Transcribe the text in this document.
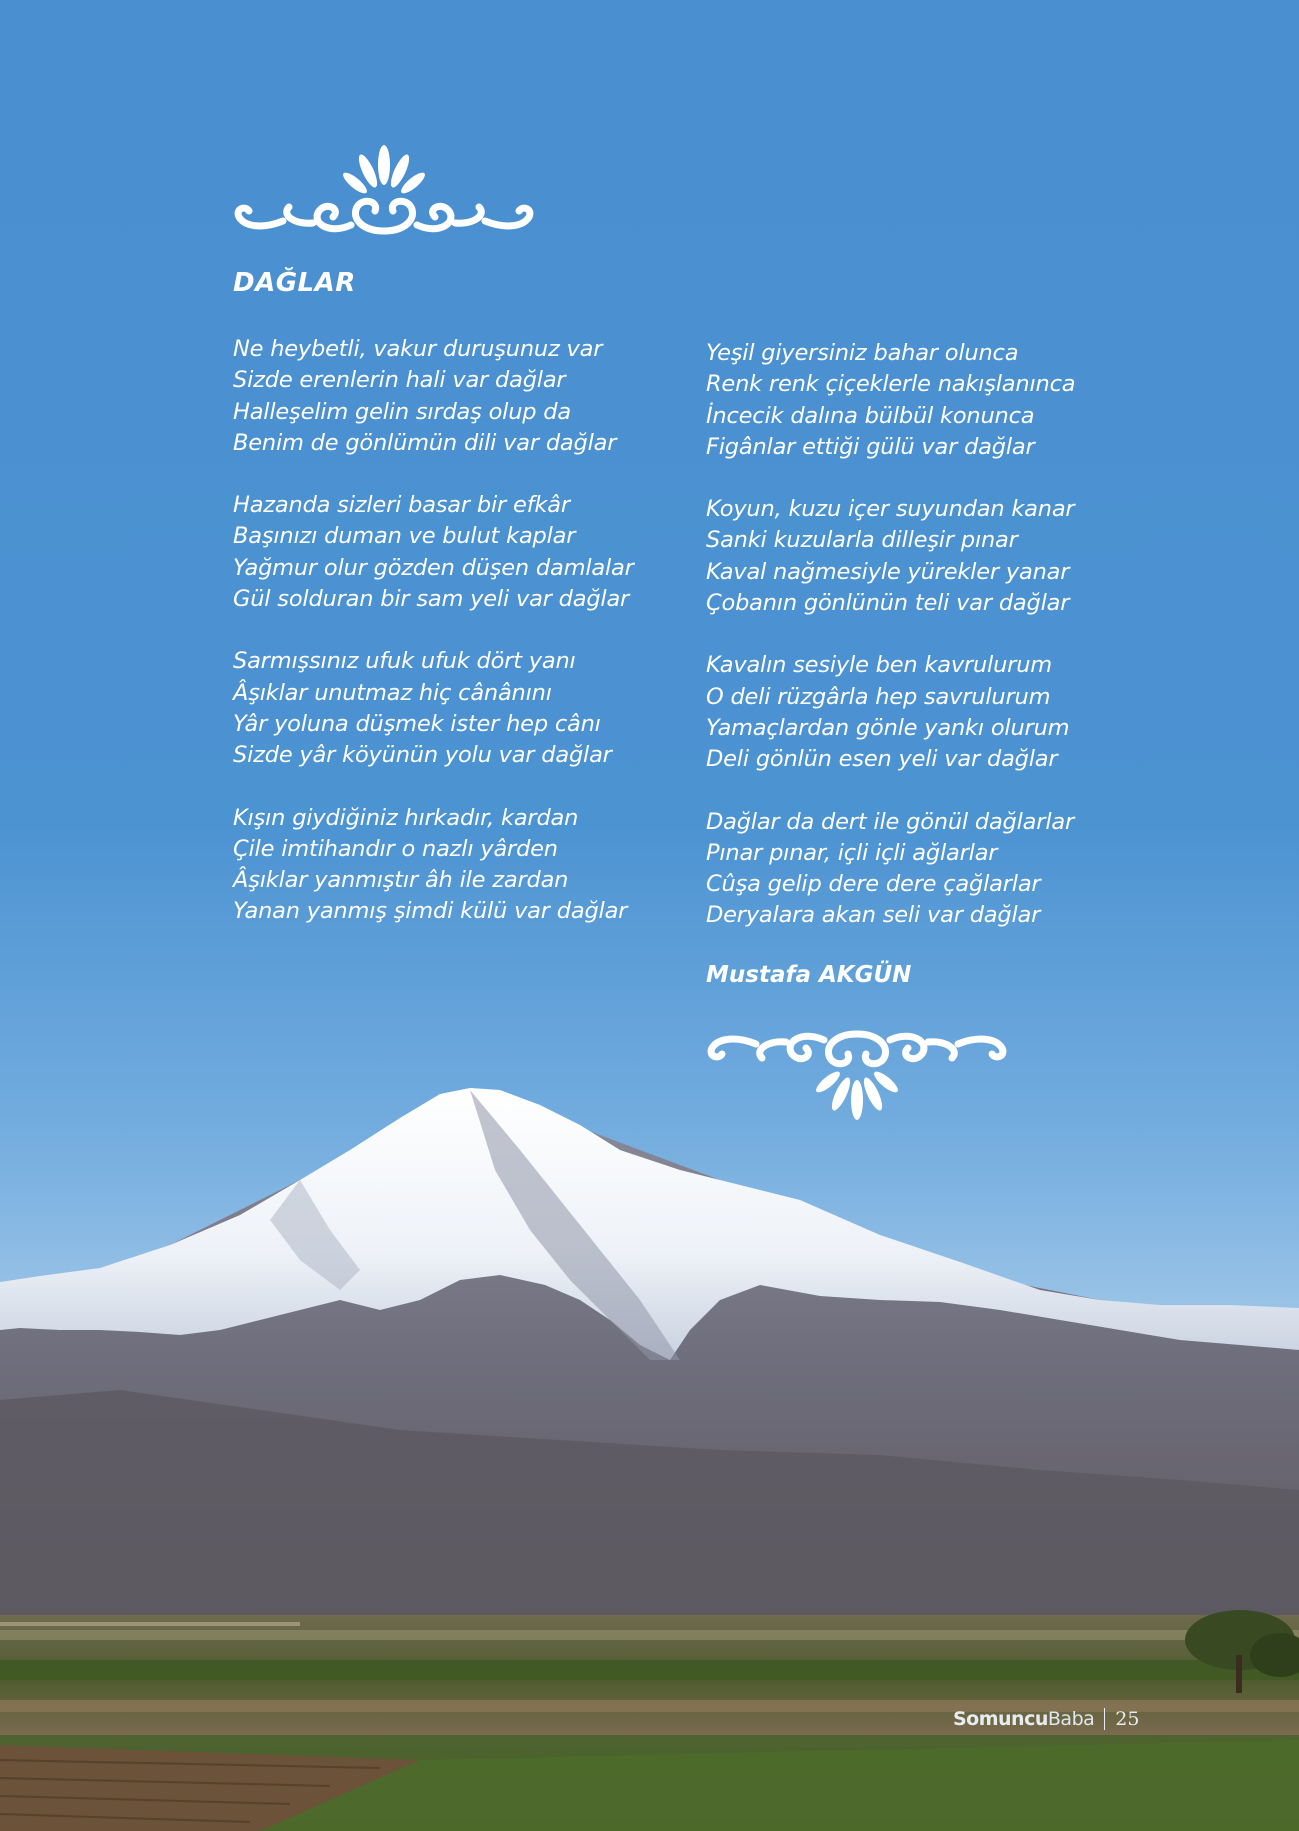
DAĞLAR

Ne heybetli, vakur duruşunuz var
Sizde erenlerin hali var dağlar
Halleşelim gelin sırdaş olup da
Benim de gönlümün dili var dağlar

Hazanda sizleri basar bir efkâr
Başınızı duman ve bulut kaplar
Yağmur olur gözden düşen damlalar
Gül solduran bir sam yeli var dağlar

Sarmışsınız ufuk ufuk dört yanı
Âşıklar unutmaz hiç cânânını
Yâr yoluna düşmek ister hep cânı
Sizde yâr köyünün yolu var dağlar

Kışın giydiğiniz hırkadır, kardan
Çile imtihandır o nazlı yârden
Âşıklar yanmıştır âh ile zardan
Yanan yanmış şimdi külü var dağlar

Yeşil giyersiniz bahar olunca
Renk renk çiçeklerle nakışlanınca
İncecik dalına bülbül konunca
Figânlar ettiği gülü var dağlar

Koyun, kuzu içer suyundan kanar
Sanki kuzularla dilleşir pınar
Kaval nağmesiyle yürekler yanar
Çobanın gönlünün teli var dağlar

Kavalın sesiyle ben kavrulurum
O deli rüzgârla hep savrulurum
Yamaçlardan gönle yankı olurum
Deli gönlün esen yeli var dağlar

Dağlar da dert ile gönül dağlarlar
Pınar pınar, içli içli ağlarlar
Cûşa gelip dere dere çağlarlar
Deryalara akan seli var dağlar

Mustafa AKGÜN

Somuncu Baba 25
